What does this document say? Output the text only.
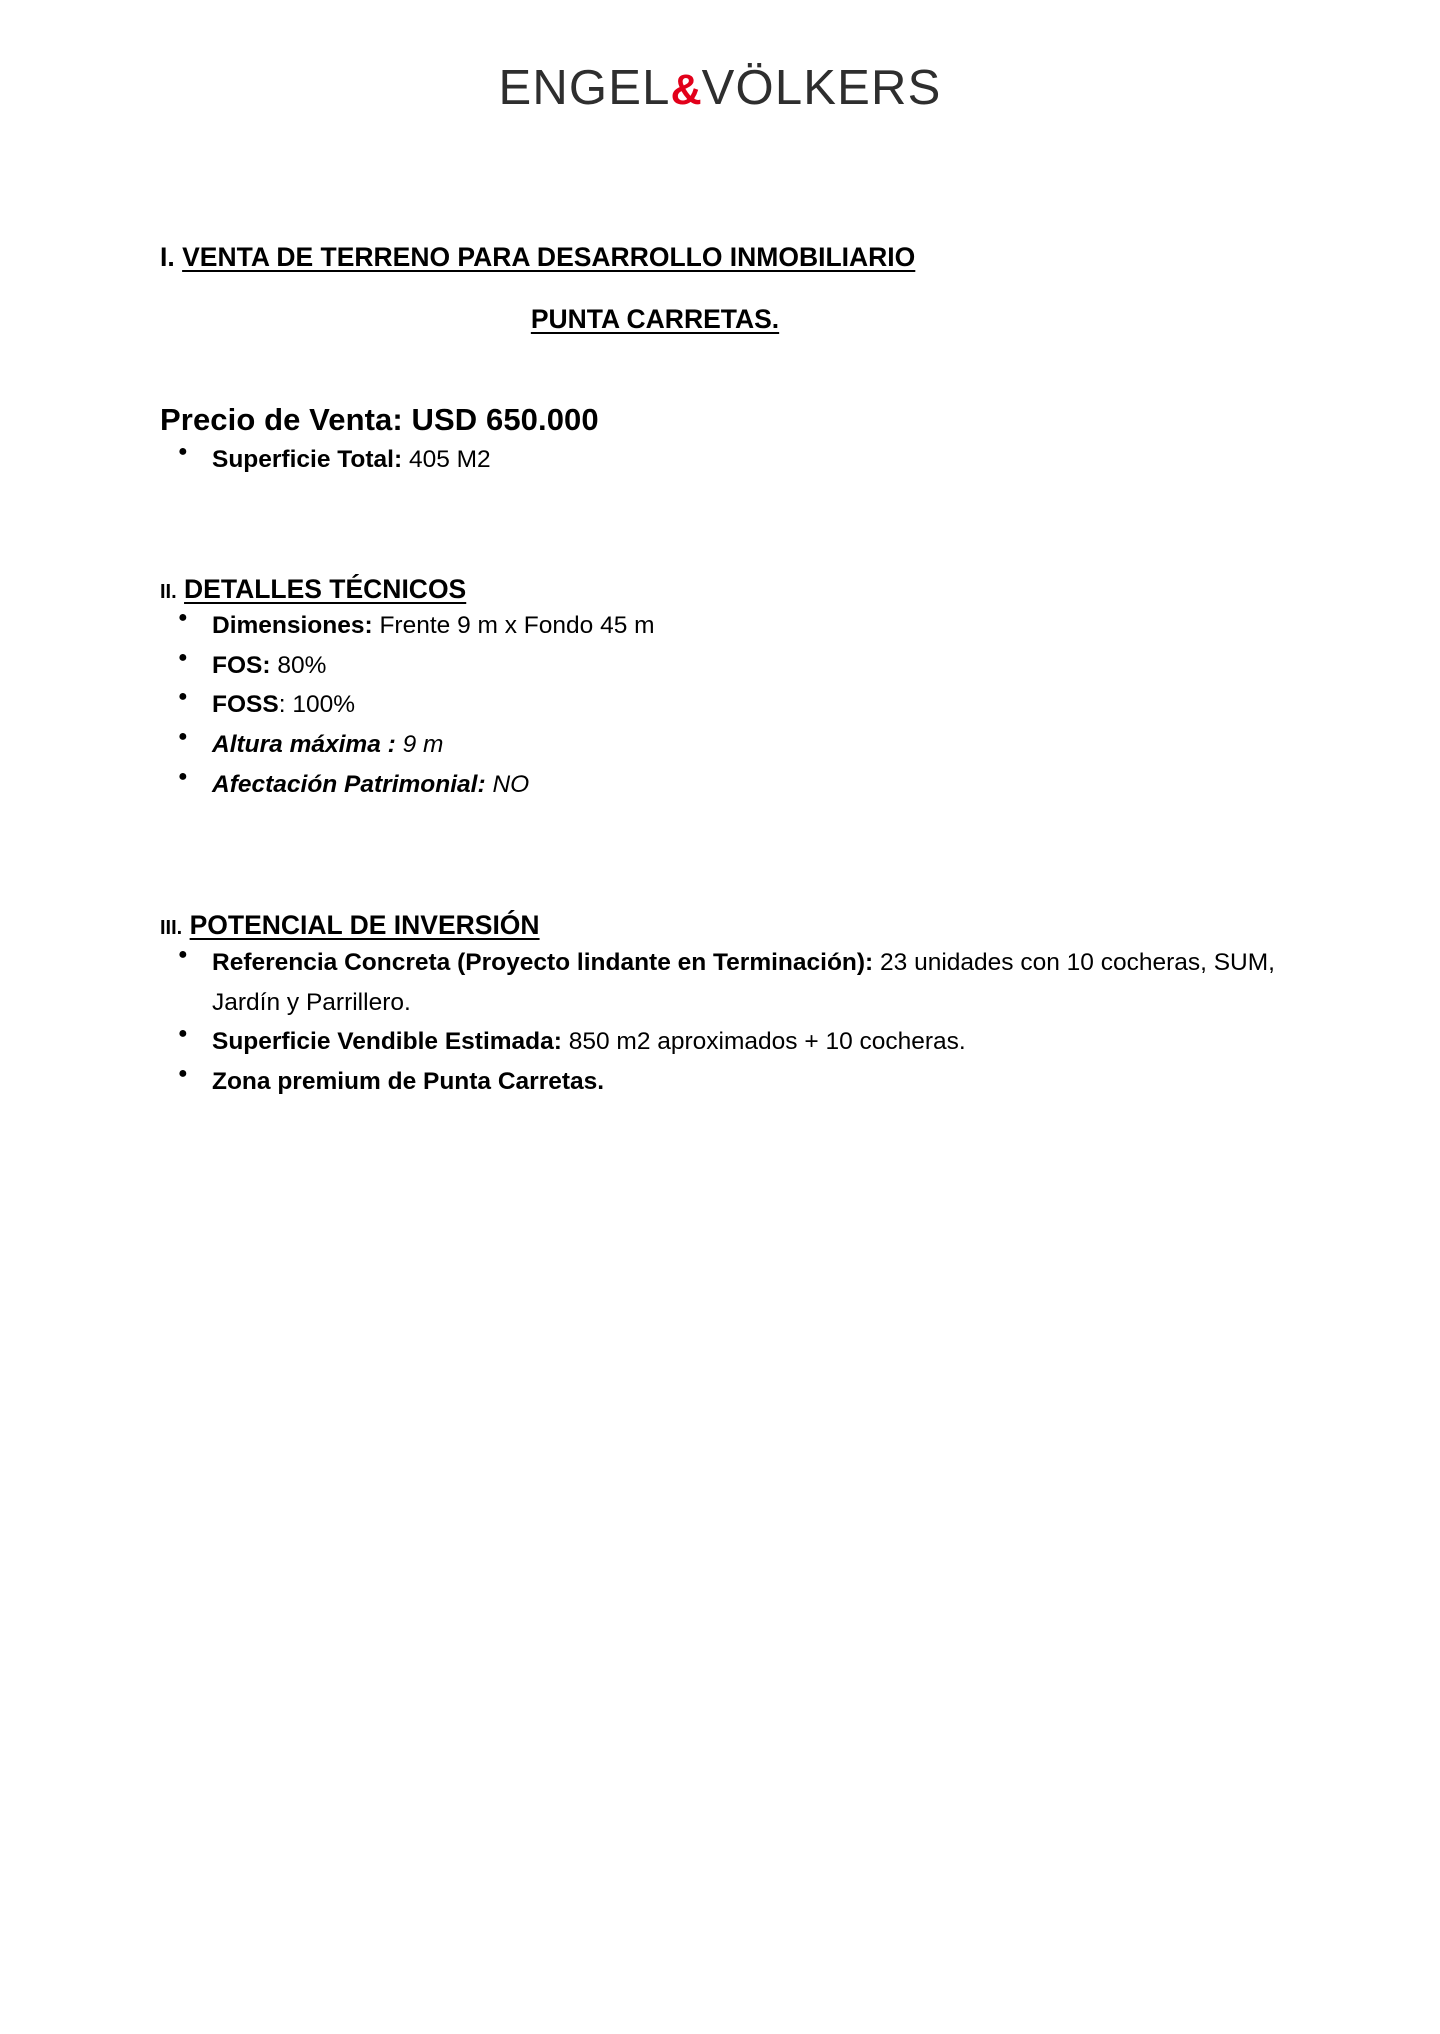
ENGEL&VÖLKERS
I. VENTA DE TERRENO PARA DESARROLLO INMOBILIARIO
PUNTA CARRETAS.
Precio de Venta: USD 650.000
● Superficie Total: 405 M2
II. DETALLES TÉCNICOS
● Dimensiones: Frente 9 m x Fondo 45 m
● FOS: 80%
● FOSS: 100%
● Altura máxima : 9 m
● Afectación Patrimonial: NO
III. POTENCIAL DE INVERSIÓN
● Referencia Concreta (Proyecto lindante en Terminación): 23 unidades con 10 cocheras, SUM, Jardín y Parrillero.
● Superficie Vendible Estimada: 850 m2 aproximados + 10 cocheras.
● Zona premium de Punta Carretas.
